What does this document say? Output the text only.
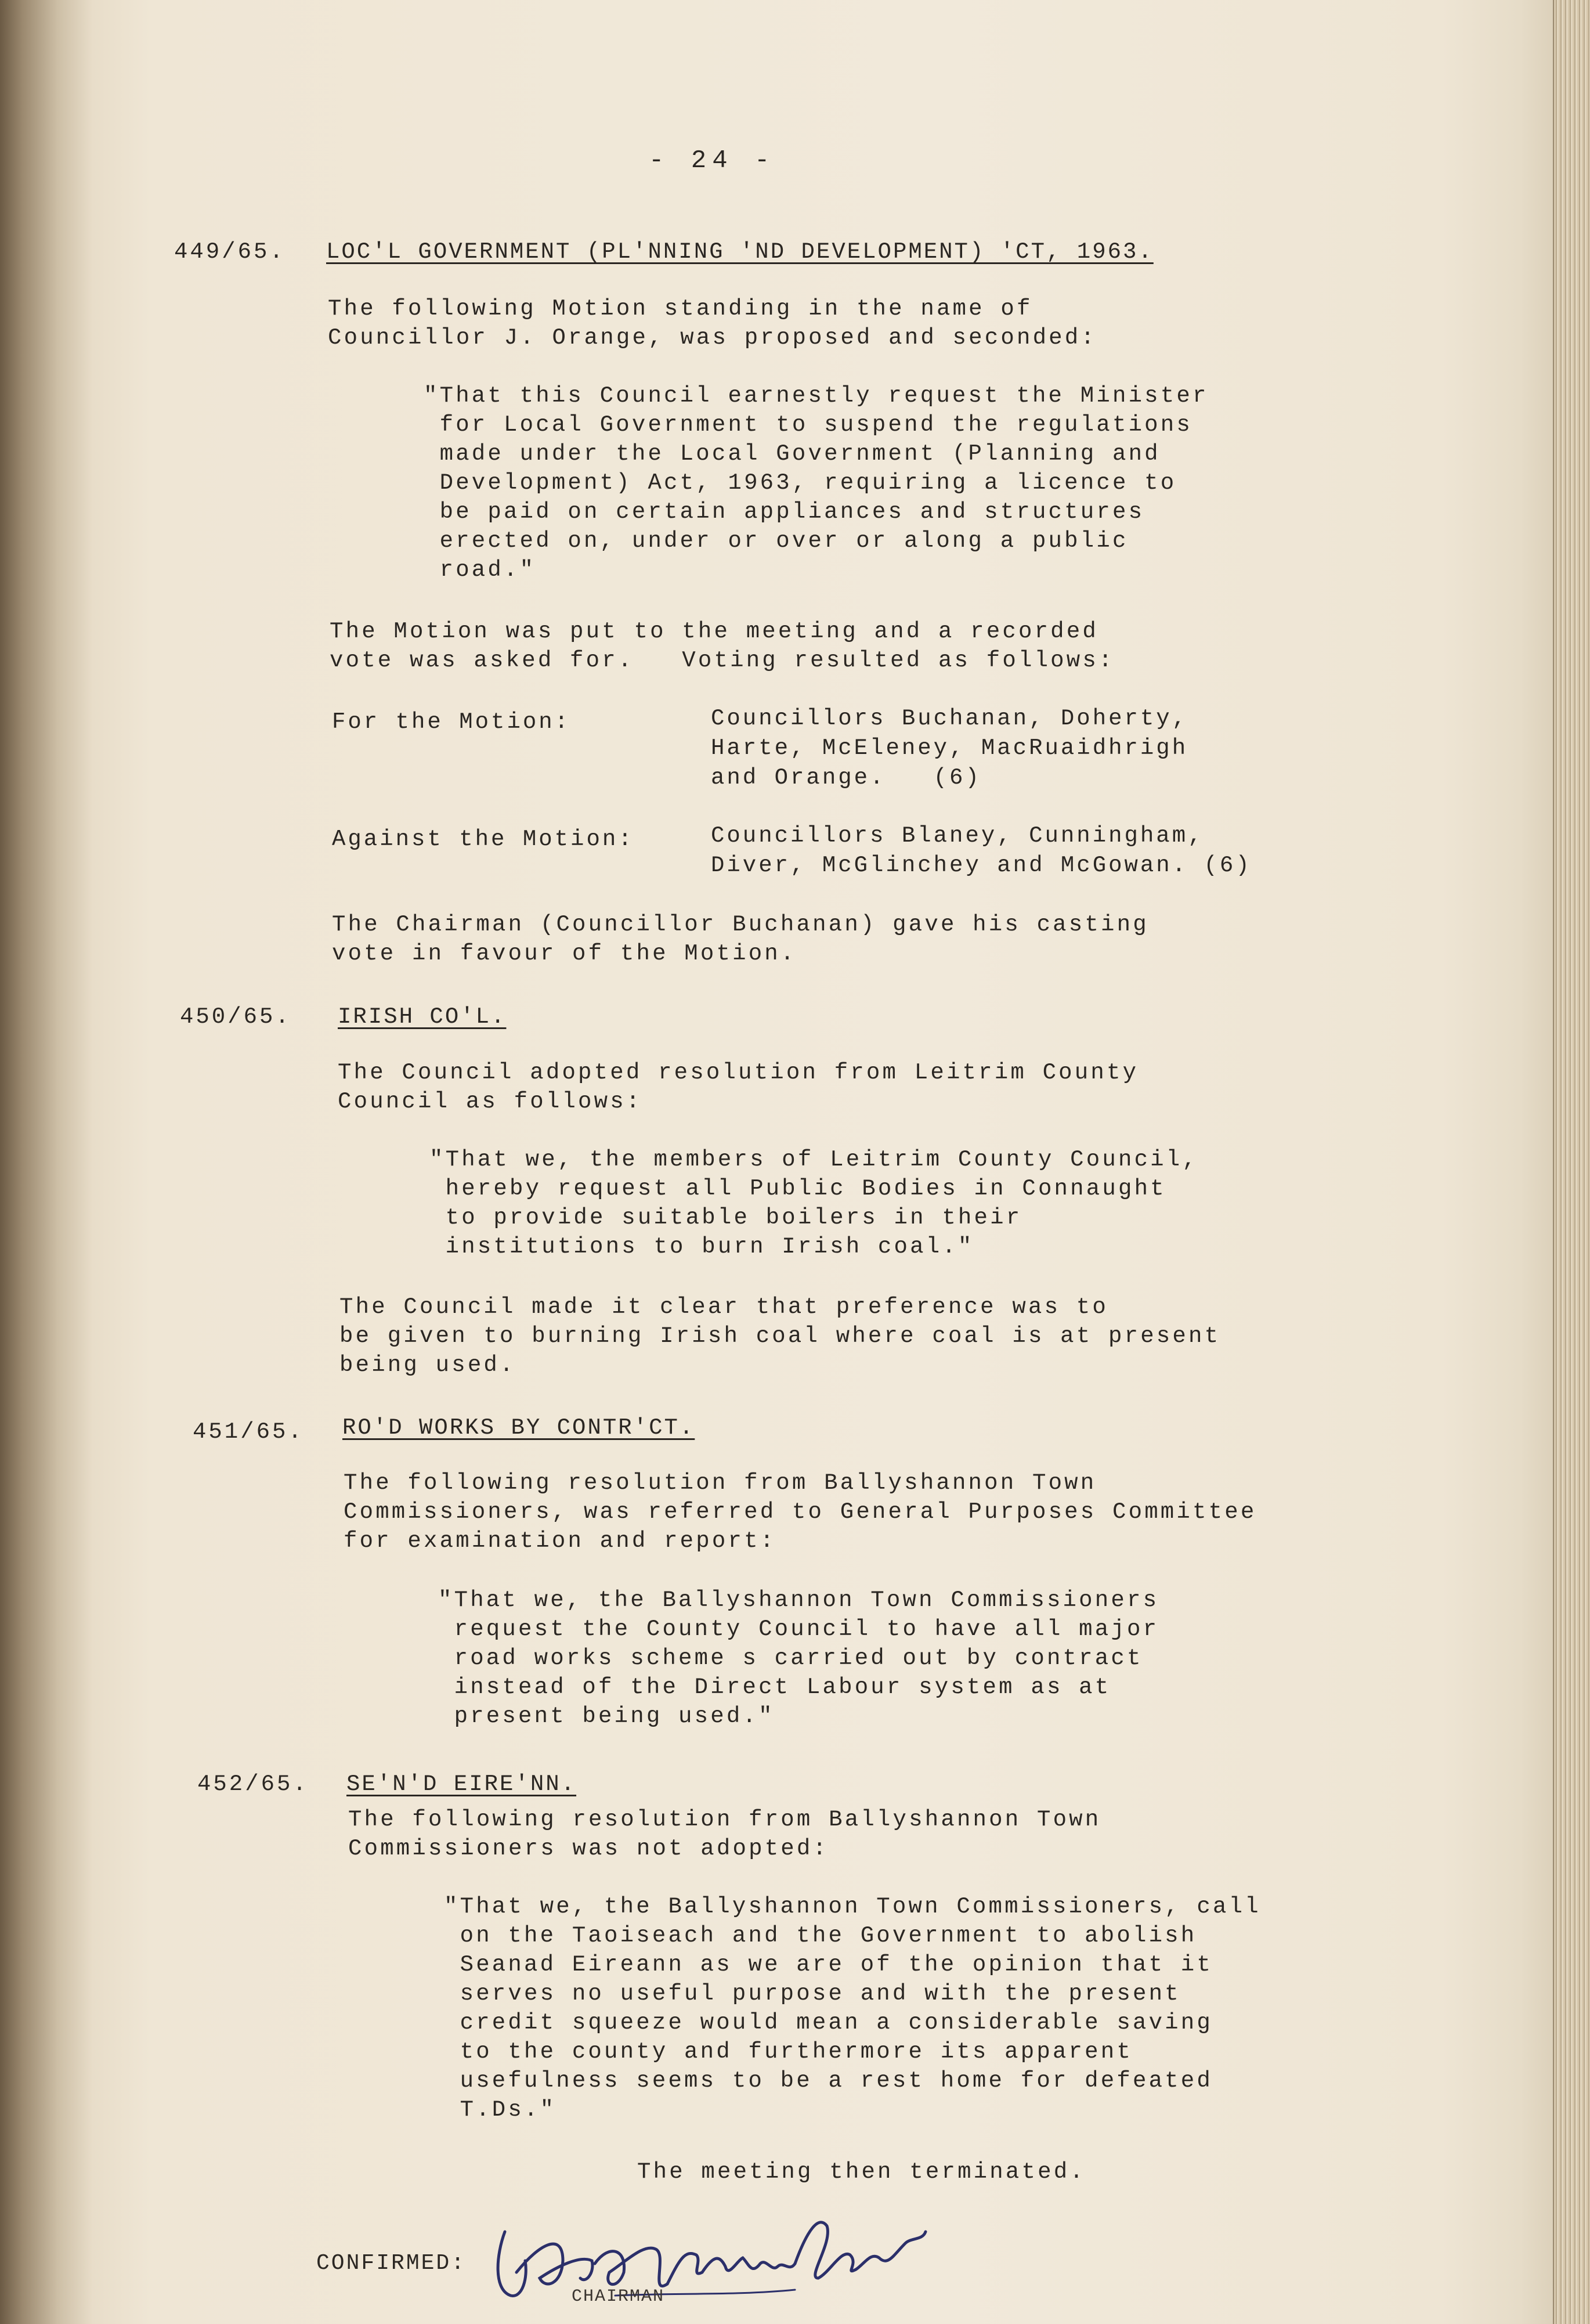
- 24 -
449/65. LOC′L GOVERNMENT (PL′NNING ′ND DEVELOPMENT) ′CT, 1963.
The following Motion standing in the name of
Councillor J. Orange, was proposed and seconded:
"That this Council earnestly request the Minister
for Local Government to suspend the regulations
made under the Local Government (Planning and
Development) Act, 1963, requiring a licence to
be paid on certain appliances and structures
erected on, under or over or along a public
road."
The Motion was put to the meeting and a recorded
vote was asked for.   Voting resulted as follows:
For the Motion:	Councillors Buchanan, Doherty,
Harte, McEleney, MacRuaidhrigh
and Orange.   (6)
Against the Motion:	Councillors Blaney, Cunningham,
Diver, McGlinchey and McGowan. (6)
The Chairman (Councillor Buchanan) gave his casting
vote in favour of the Motion.
450/65. IRISH CO′L.
The Council adopted resolution from Leitrim County
Council as follows:
"That we, the members of Leitrim County Council,
hereby request all Public Bodies in Connaught
to provide suitable boilers in their
institutions to burn Irish coal."
The Council made it clear that preference was to
be given to burning Irish coal where coal is at present
being used.
451/65. RO′D WORKS BY CONTR′CT.
The following resolution from Ballyshannon Town
Commissioners, was referred to General Purposes Committee
for examination and report:
"That we, the Ballyshannon Town Commissioners
request the County Council to have all major
road works scheme s carried out by contract
instead of the Direct Labour system as at
present being used."
452/65. SE′N′D EIRE′NN.
The following resolution from Ballyshannon Town
Commissioners was not adopted:
"That we, the Ballyshannon Town Commissioners, call
on the Taoiseach and the Government to abolish
Seanad Eireann as we are of the opinion that it
serves no useful purpose and with the present
credit squeeze would mean a considerable saving
to the county and furthermore its apparent
usefulness seems to be a rest home for defeated
T.Ds."
The meeting then terminated.
CONFIRMED:
CHAIRMAN
